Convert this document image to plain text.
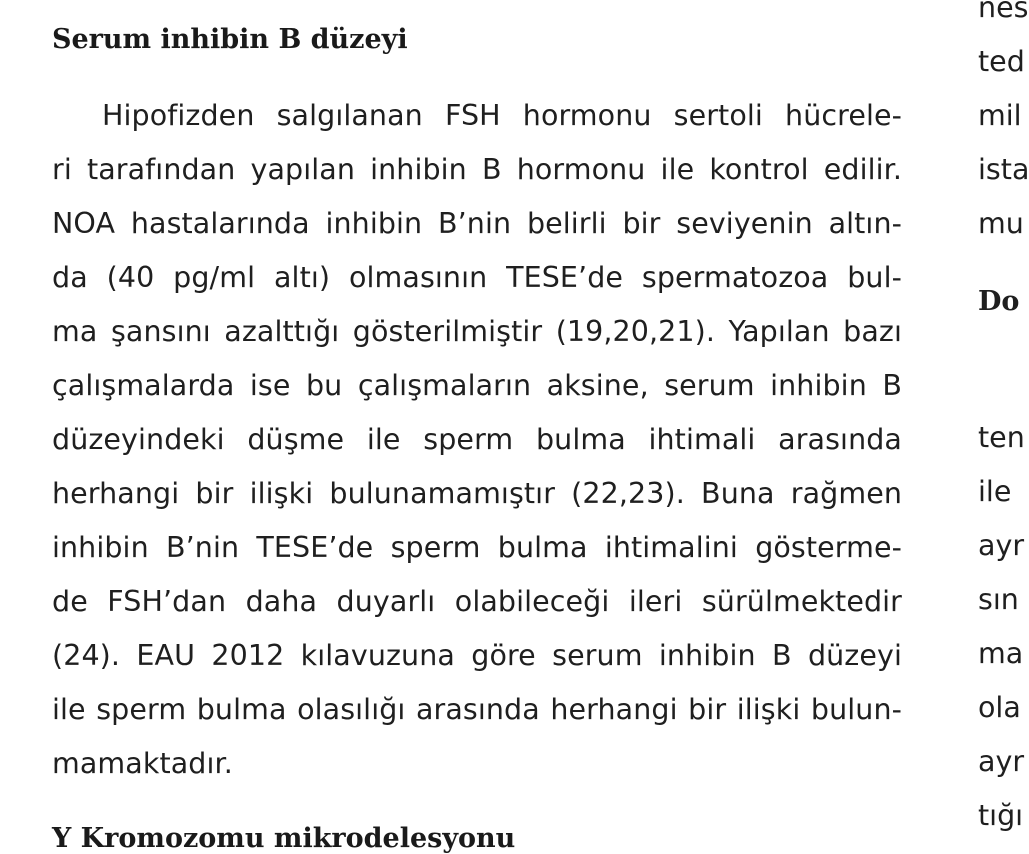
Serum inhibin B düzeyi
Hipofizden salgılanan FSH hormonu sertoli hücrele-
ri tarafından yapılan inhibin B hormonu ile kontrol edilir.
NOA hastalarında inhibin B’nin belirli bir seviyenin altın-
da (40 pg/ml altı) olmasının TESE’de spermatozoa bul-
ma şansını azalttığı gösterilmiştir (19,20,21). Yapılan bazı
çalışmalarda ise bu çalışmaların aksine, serum inhibin B
düzeyindeki düşme ile sperm bulma ihtimali arasında
herhangi bir ilişki bulunamamıştır (22,23). Buna rağmen
inhibin B’nin TESE’de sperm bulma ihtimalini gösterme-
de FSH’dan daha duyarlı olabileceği ileri sürülmektedir
(24). EAU 2012 kılavuzuna göre serum inhibin B düzeyi
ile sperm bulma olasılığı arasında herhangi bir ilişki bulun-
mamaktadır.
Y Kromozomu mikrodelesyonu
nes
ted
mil
ista
mu
Do
ten
ile
ayr
sın
ma
ola
ayr
tığı
